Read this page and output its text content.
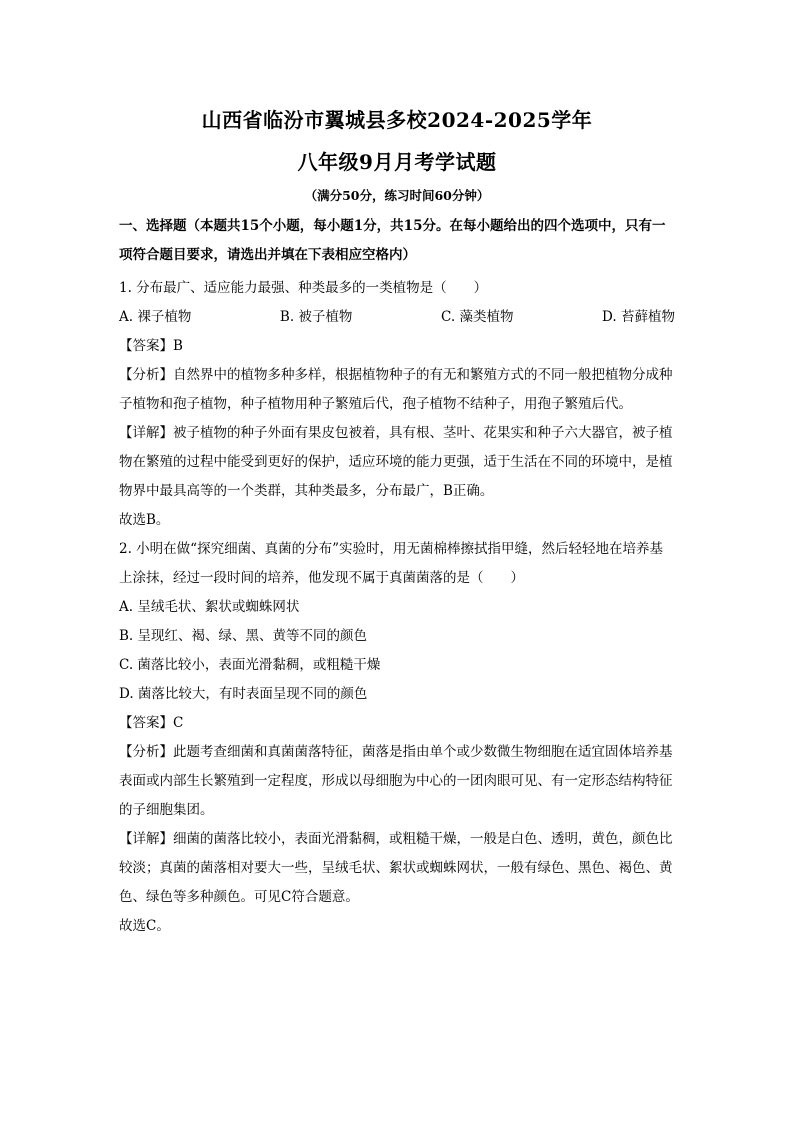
山西省临汾市翼城县多校2024-2025学年
八年级9月月考学试题
（满分50分，练习时间60分钟）

一、选择题（本题共15个小题，每小题1分，共15分。在每小题给出的四个选项中，只有一项符合题目要求，请选出并填在下表相应空格内）

1. 分布最广、适应能力最强、种类最多的一类植物是（　　）

A. 裸子植物	B. 被子植物	C. 藻类植物	D. 苔藓植物

【答案】B

【分析】自然界中的植物多种多样，根据植物种子的有无和繁殖方式的不同一般把植物分成种子植物和孢子植物，种子植物用种子繁殖后代，孢子植物不结种子，用孢子繁殖后代。

【详解】被子植物的种子外面有果皮包被着，具有根、茎叶、花果实和种子六大器官，被子植物在繁殖的过程中能受到更好的保护，适应环境的能力更强，适于生活在不同的环境中，是植物界中最具高等的一个类群，其种类最多，分布最广，B正确。

故选B。

2. 小明在做“探究细菌、真菌的分布”实验时，用无菌棉棒擦拭指甲缝，然后轻轻地在培养基上涂抹，经过一段时间的培养，他发现不属于真菌菌落的是（　　）

A. 呈绒毛状、絮状或蜘蛛网状

B. 呈现红、褐、绿、黑、黄等不同的颜色

C. 菌落比较小，表面光滑黏稠，或粗糙干燥

D. 菌落比较大，有时表面呈现不同的颜色

【答案】C

【分析】此题考查细菌和真菌菌落特征，菌落是指由单个或少数微生物细胞在适宜固体培养基表面或内部生长繁殖到一定程度，形成以母细胞为中心的一团肉眼可见、有一定形态结构特征的子细胞集团。

【详解】细菌的菌落比较小，表面光滑黏稠，或粗糙干燥，一般是白色、透明，黄色，颜色比较淡；真菌的菌落相对要大一些，呈绒毛状、絮状或蜘蛛网状，一般有绿色、黑色、褐色、黄色、绿色等多种颜色。可见C符合题意。

故选C。
